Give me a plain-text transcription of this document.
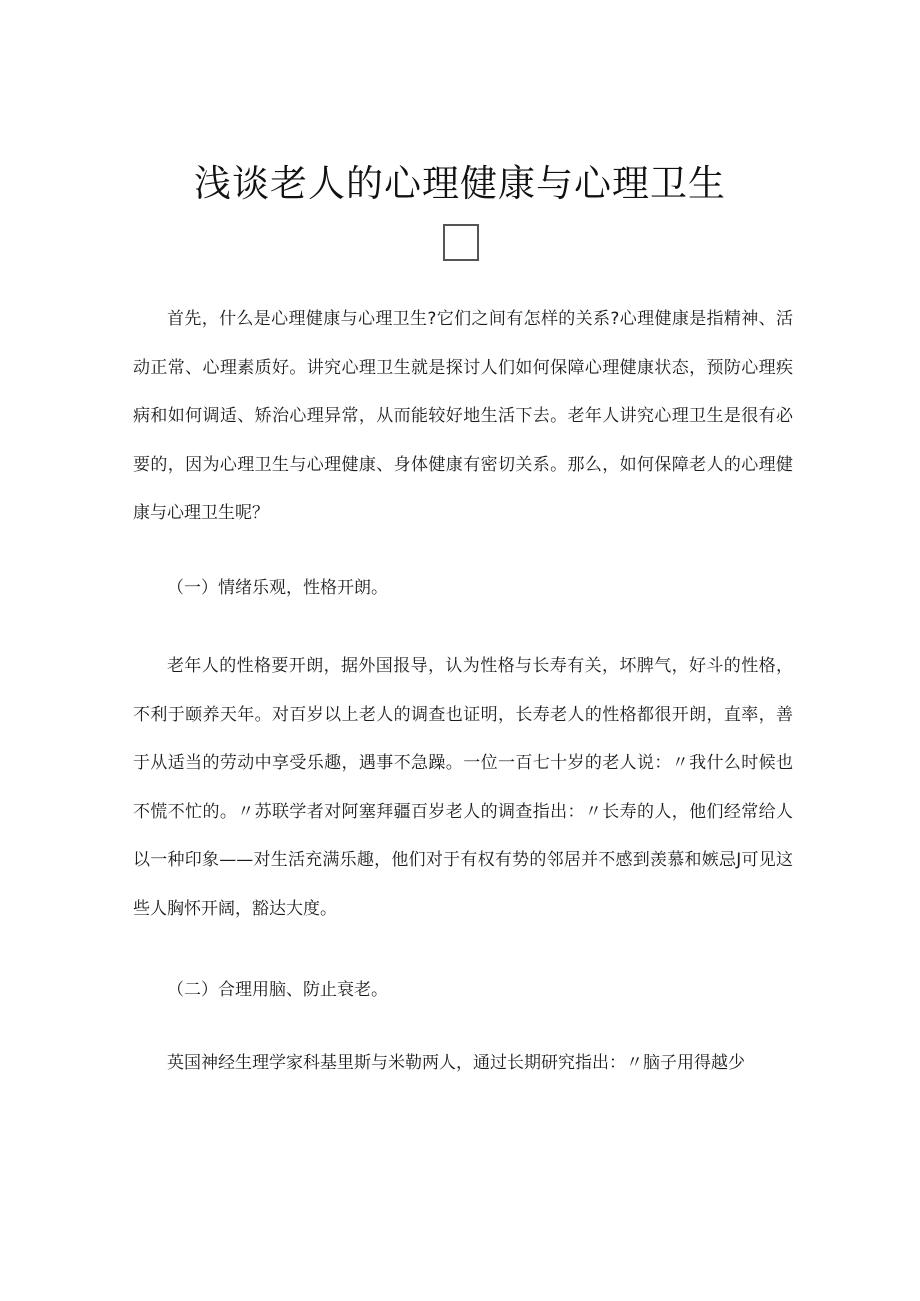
浅谈老人的心理健康与心理卫生
首先，什么是心理健康与心理卫生?它们之间有怎样的关系?心理健康是指精神、活动正常、心理素质好。讲究心理卫生就是探讨人们如何保障心理健康状态，预防心理疾病和如何调适、矫治心理异常，从而能较好地生活下去。老年人讲究心理卫生是很有必要的，因为心理卫生与心理健康、身体健康有密切关系。那么，如何保障老人的心理健康与心理卫生呢？
（一）情绪乐观，性格开朗。
老年人的性格要开朗，据外国报导，认为性格与长寿有关，坏脾气，好斗的性格，不利于颐养天年。对百岁以上老人的调查也证明，长寿老人的性格都很开朗，直率，善于从适当的劳动中享受乐趣，遇事不急躁。一位一百七十岁的老人说：〃我什么时候也不慌不忙的。〃苏联学者对阿塞拜疆百岁老人的调查指出：〃长寿的人，他们经常给人以一种印象——对生活充满乐趣，他们对于有权有势的邻居并不感到羡慕和嫉忌J可见这些人胸怀开阔，豁达大度。
（二）合理用脑、防止衰老。
英国神经生理学家科基里斯与米勒两人，通过长期研究指出：〃脑子用得越少
